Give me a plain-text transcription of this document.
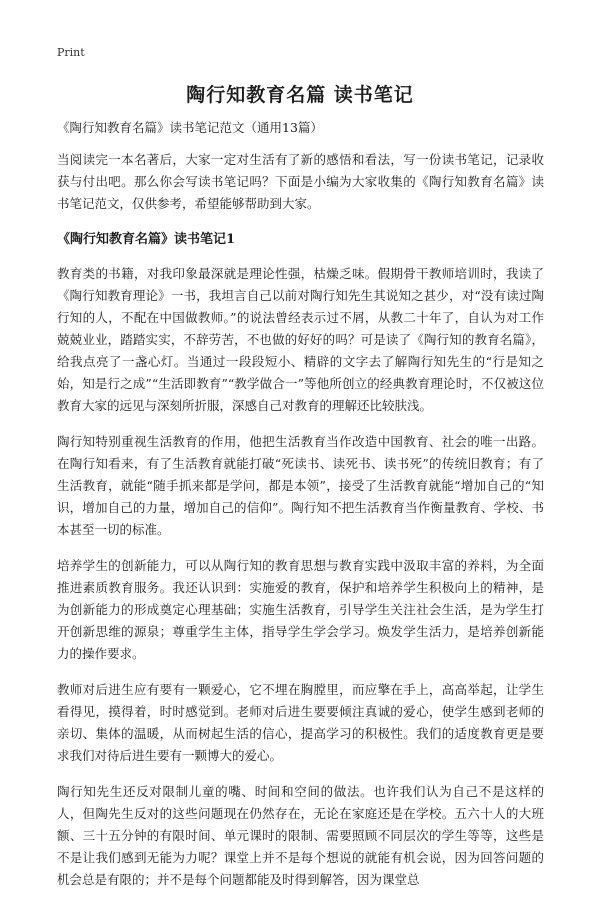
Print
陶行知教育名篇 读书笔记

《陶行知教育名篇》读书笔记范文（通用13篇）

当阅读完一本名著后，大家一定对生活有了新的感悟和看法，写一份读书笔记，记录收获与付出吧。那么你会写读书笔记吗？下面是小编为大家收集的《陶行知教育名篇》读书笔记范文，仅供参考，希望能够帮助到大家。

《陶行知教育名篇》读书笔记1

教育类的书籍，对我印象最深就是理论性强，枯燥乏味。假期骨干教师培训时，我读了《陶行知教育理论》一书，我坦言自己以前对陶行知先生其说知之甚少，对“没有读过陶行知的人，不配在中国做教师。”的说法曾经表示过不屑，从教二十年了，自认为对工作兢兢业业，踏踏实实，不辞劳苦，不也做的好好的吗？可是读了《陶行知的教育名篇》，给我点亮了一盏心灯。当通过一段段短小、精辟的文字去了解陶行知先生的“行是知之始，知是行之成”“生活即教育”“教学做合一”等他所创立的经典教育理论时，不仅被这位教育大家的远见与深刻所折服，深感自己对教育的理解还比较肤浅。

陶行知特别重视生活教育的作用，他把生活教育当作改造中国教育、社会的唯一出路。在陶行知看来，有了生活教育就能打破“死读书、读死书、读书死”的传统旧教育；有了生活教育，就能“随手抓来都是学问，都是本领”，接受了生活教育就能“增加自己的“知识，增加自己的力量，增加自己的信仰”。陶行知不把生活教育当作衡量教育、学校、书本甚至一切的标准。

培养学生的创新能力，可以从陶行知的教育思想与教育实践中汲取丰富的养料，为全面推进素质教育服务。我还认识到：实施爱的教育，保护和培养学生积极向上的精神，是为创新能力的形成奠定心理基础；实施生活教育，引导学生关注社会生活，是为学生打开创新思维的源泉；尊重学生主体，指导学生学会学习。焕发学生活力，是培养创新能力的操作要求。

教师对后进生应有要有一颗爱心，它不埋在胸膛里，而应擎在手上，高高举起，让学生看得见，摸得着，时时感觉到。老师对后进生要要倾注真诚的爱心，使学生感到老师的亲切、集体的温暖，从而树起生活的信心，提高学习的积极性。我们的适度教育更是要求我们对待后进生要有一颗博大的爱心。

陶行知先生还反对限制儿童的嘴、时间和空间的做法。也许我们认为自己不是这样的人，但陶先生反对的这些问题现在仍然存在，无论在家庭还是在学校。五六十人的大班额、三十五分钟的有限时间、单元课时的限制、需要照顾不同层次的学生等等，这些是不是让我们感到无能为力呢？课堂上并不是每个想说的就能有机会说，因为回答问题的机会总是有限的；并不是每个问题都能及时得到解答，因为课堂总
